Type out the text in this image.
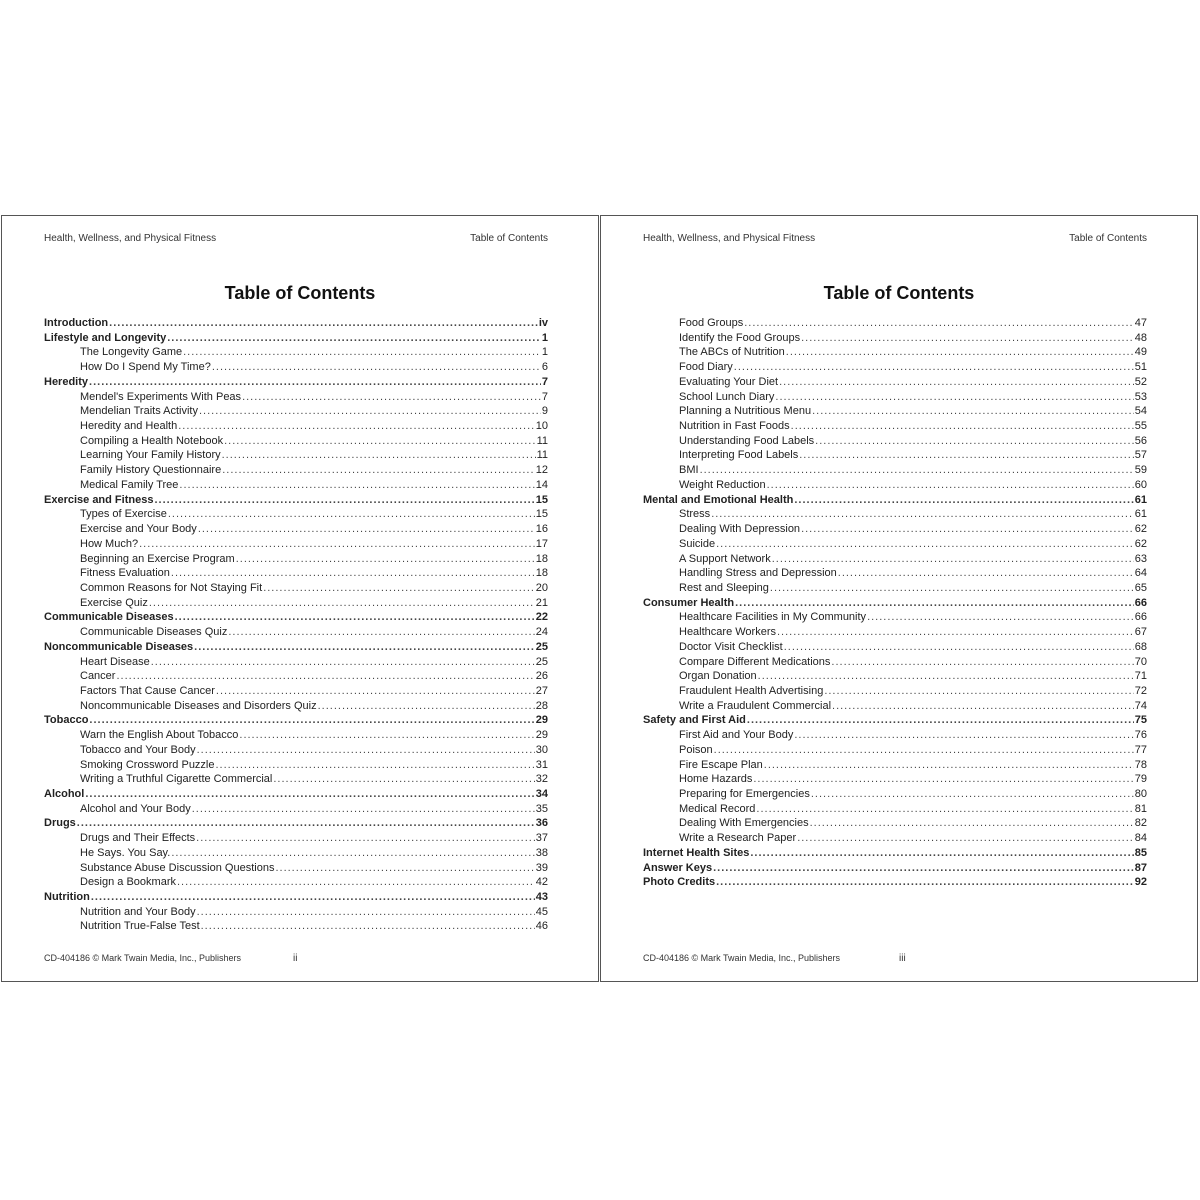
Health, Wellness, and Physical Fitness	Table of Contents
Table of Contents
Introduction .....	iv
Lifestyle and Longevity .....	1
The Longevity Game .....	1
How Do I Spend My Time? .....	6
Heredity .....	7
Mendel's Experiments With Peas .....	7
Mendelian Traits Activity .....	9
Heredity and Health .....	10
Compiling a Health Notebook .....	11
Learning Your Family History .....	11
Family History Questionnaire .....	12
Medical Family Tree .....	14
Exercise and Fitness .....	15
Types of Exercise .....	15
Exercise and Your Body .....	16
How Much? .....	17
Beginning an Exercise Program .....	18
Fitness Evaluation .....	18
Common Reasons for Not Staying Fit .....	20
Exercise Quiz .....	21
Communicable Diseases .....	22
Communicable Diseases Quiz .....	24
Noncommunicable Diseases .....	25
Heart Disease .....	25
Cancer .....	26
Factors That Cause Cancer .....	27
Noncommunicable Diseases and Disorders Quiz .....	28
Tobacco .....	29
Warn the English About Tobacco .....	29
Tobacco and Your Body .....	30
Smoking Crossword Puzzle .....	31
Writing a Truthful Cigarette Commercial .....	32
Alcohol .....	34
Alcohol and Your Body .....	35
Drugs .....	36
Drugs and Their Effects .....	37
He Says. You Say. .....	38
Substance Abuse Discussion Questions .....	39
Design a Bookmark .....	42
Nutrition .....	43
Nutrition and Your Body .....	45
Nutrition True-False Test .....	46
CD-404186 © Mark Twain Media, Inc., Publishers	ii
Health, Wellness, and Physical Fitness	Table of Contents
Table of Contents
Food Groups .....	47
Identify the Food Groups .....	48
The ABCs of Nutrition .....	49
Food Diary .....	51
Evaluating Your Diet .....	52
School Lunch Diary .....	53
Planning a Nutritious Menu .....	54
Nutrition in Fast Foods .....	55
Understanding Food Labels .....	56
Interpreting Food Labels .....	57
BMI .....	59
Weight Reduction .....	60
Mental and Emotional Health .....	61
Stress .....	61
Dealing With Depression .....	62
Suicide .....	62
A Support Network .....	63
Handling Stress and Depression .....	64
Rest and Sleeping .....	65
Consumer Health .....	66
Healthcare Facilities in My Community .....	66
Healthcare Workers .....	67
Doctor Visit Checklist .....	68
Compare Different Medications .....	70
Organ Donation .....	71
Fraudulent Health Advertising .....	72
Write a Fraudulent Commercial .....	74
Safety and First Aid .....	75
First Aid and Your Body .....	76
Poison .....	77
Fire Escape Plan .....	78
Home Hazards .....	79
Preparing for Emergencies .....	80
Medical Record .....	81
Dealing With Emergencies .....	82
Write a Research Paper .....	84
Internet Health Sites .....	85
Answer Keys .....	87
Photo Credits .....	92
CD-404186 © Mark Twain Media, Inc., Publishers	iii
